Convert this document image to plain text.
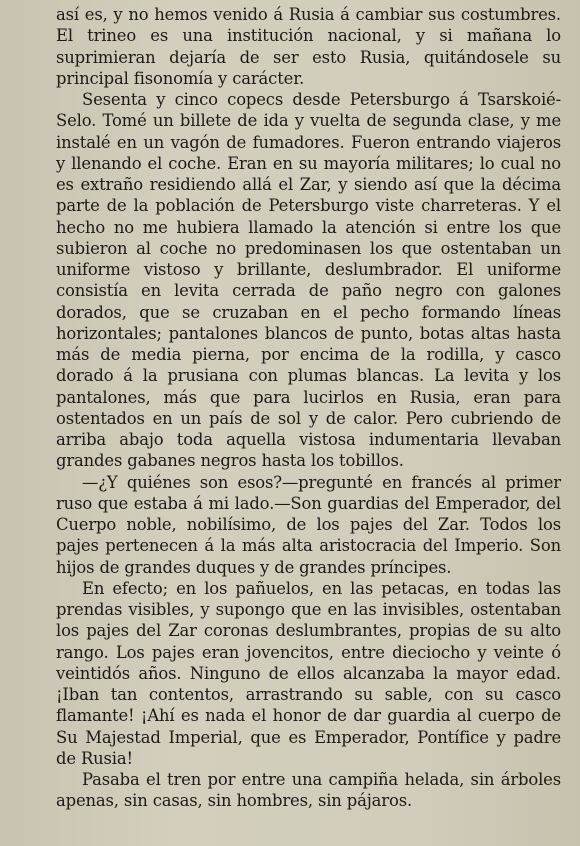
así es, y no hemos venido á Rusia á cambiar sus costumbres. El trineo es una institución nacional, y si mañana lo suprimieran dejaría de ser esto Rusia, quitándosele su principal fisonomía y carácter.

Sesenta y cinco copecs desde Petersburgo á Tsarskoié-Selo. Tomé un billete de ida y vuelta de segunda clase, y me instalé en un vagón de fumadores. Fueron entrando viajeros y llenando el coche. Eran en su mayoría militares; lo cual no es extraño residiendo allá el Zar, y siendo así que la décima parte de la población de Petersburgo viste charreteras. Y el hecho no me hubiera llamado la atención si entre los que subieron al coche no predominasen los que ostentaban un uniforme vistoso y brillante, deslumbrador. El uniforme consistía en levita cerrada de paño negro con galones dorados, que se cruzaban en el pecho formando líneas horizontales; pantalones blancos de punto, botas altas hasta más de media pierna, por encima de la rodilla, y casco dorado á la prusiana con plumas blancas. La levita y los pantalones, más que para lucirlos en Rusia, eran para ostentados en un país de sol y de calor. Pero cubriendo de arriba abajo toda aquella vistosa indumentaria llevaban grandes gabanes negros hasta los tobillos.

—¿Y quiénes son esos?—pregunté en francés al primer ruso que estaba á mi lado.—Son guardias del Emperador, del Cuerpo noble, nobilísimo, de los pajes del Zar. Todos los pajes pertenecen á la más alta aristocracia del Imperio. Son hijos de grandes duques y de grandes príncipes.

En efecto; en los pañuelos, en las petacas, en todas las prendas visibles, y supongo que en las invisibles, ostentaban los pajes del Zar coronas deslumbrantes, propias de su alto rango. Los pajes eran jovencitos, entre dieciocho y veinte ó veintidós años. Ninguno de ellos alcanzaba la mayor edad. ¡Iban tan contentos, arrastrando su sable, con su casco flamante! ¡Ahí es nada el honor de dar guardia al cuerpo de Su Majestad Imperial, que es Emperador, Pontífice y padre de Rusia!

Pasaba el tren por entre una campiña helada, sin árboles apenas, sin casas, sin hombres, sin pájaros.
